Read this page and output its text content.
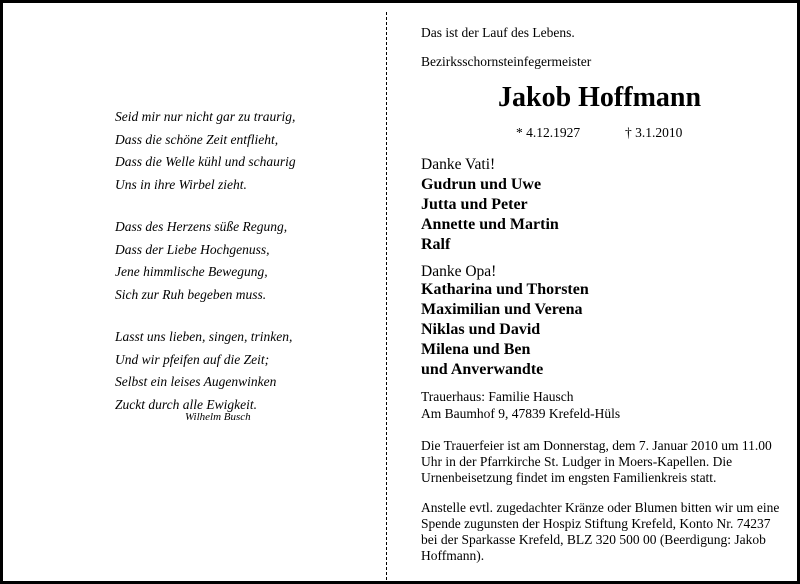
Seid mir nur nicht gar zu traurig,
Dass die schöne Zeit entflieht,
Dass die Welle kühl und schaurig
Uns in ihre Wirbel zieht.
Dass des Herzens süße Regung,
Dass der Liebe Hochgenuss,
Jene himmlische Bewegung,
Sich zur Ruh begeben muss.
Lasst uns lieben, singen, trinken,
Und wir pfeifen auf die Zeit;
Selbst ein leises Augenwinken
Zuckt durch alle Ewigkeit.
Wilhelm Busch
Das ist der Lauf des Lebens.
Bezirksschornsteinfegermeister
Jakob Hoffmann
* 4.12.1927	† 3.1.2010
Danke Vati!
Gudrun und Uwe
Jutta und Peter
Annette und Martin
Ralf
Danke Opa!
Katharina und Thorsten
Maximilian und Verena
Niklas und David
Milena und Ben
und Anverwandte
Trauerhaus: Familie Hausch
Am Baumhof 9, 47839 Krefeld-Hüls
Die Trauerfeier ist am Donnerstag, dem 7. Januar 2010 um 11.00 Uhr in der Pfarrkirche St. Ludger in Moers-Kapellen. Die Urnenbeisetzung findet im engsten Familienkreis statt.
Anstelle evtl. zugedachter Kränze oder Blumen bitten wir um eine Spende zugunsten der Hospiz Stiftung Krefeld, Konto Nr. 74237 bei der Sparkasse Krefeld, BLZ 320 500 00 (Beerdigung: Jakob Hoffmann).
